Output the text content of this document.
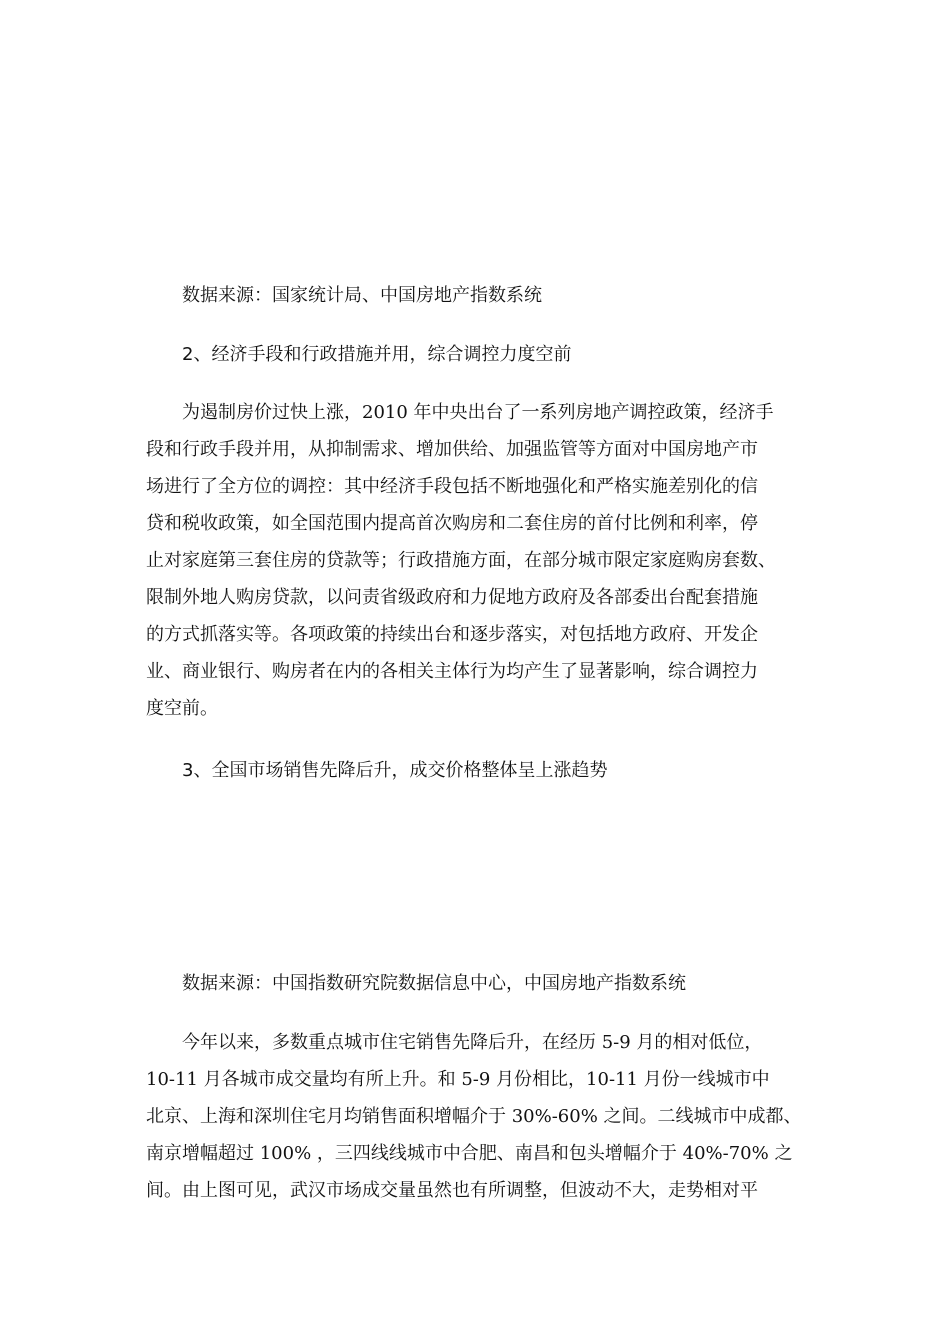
数据来源：国家统计局、中国房地产指数系统
2、经济手段和行政措施并用，综合调控力度空前
为遏制房价过快上涨，2010 年中央出台了一系列房地产调控政策，经济手
段和行政手段并用，从抑制需求、增加供给、加强监管等方面对中国房地产市
场进行了全方位的调控：其中经济手段包括不断地强化和严格实施差别化的信
贷和税收政策，如全国范围内提高首次购房和二套住房的首付比例和利率，停
止对家庭第三套住房的贷款等；行政措施方面，在部分城市限定家庭购房套数、
限制外地人购房贷款，以问责省级政府和力促地方政府及各部委出台配套措施
的方式抓落实等。各项政策的持续出台和逐步落实，对包括地方政府、开发企
业、商业银行、购房者在内的各相关主体行为均产生了显著影响，综合调控力
度空前。
3、全国市场销售先降后升，成交价格整体呈上涨趋势
数据来源：中国指数研究院数据信息中心，中国房地产指数系统
今年以来，多数重点城市住宅销售先降后升，在经历 5-9 月的相对低位，
10-11 月各城市成交量均有所上升。和 5-9 月份相比，10-11 月份一线城市中
北京、上海和深圳住宅月均销售面积增幅介于 30%-60% 之间。二线城市中成都、
南京增幅超过 100% ，三四线线城市中合肥、南昌和包头增幅介于 40%-70% 之
间。由上图可见，武汉市场成交量虽然也有所调整，但波动不大，走势相对平
